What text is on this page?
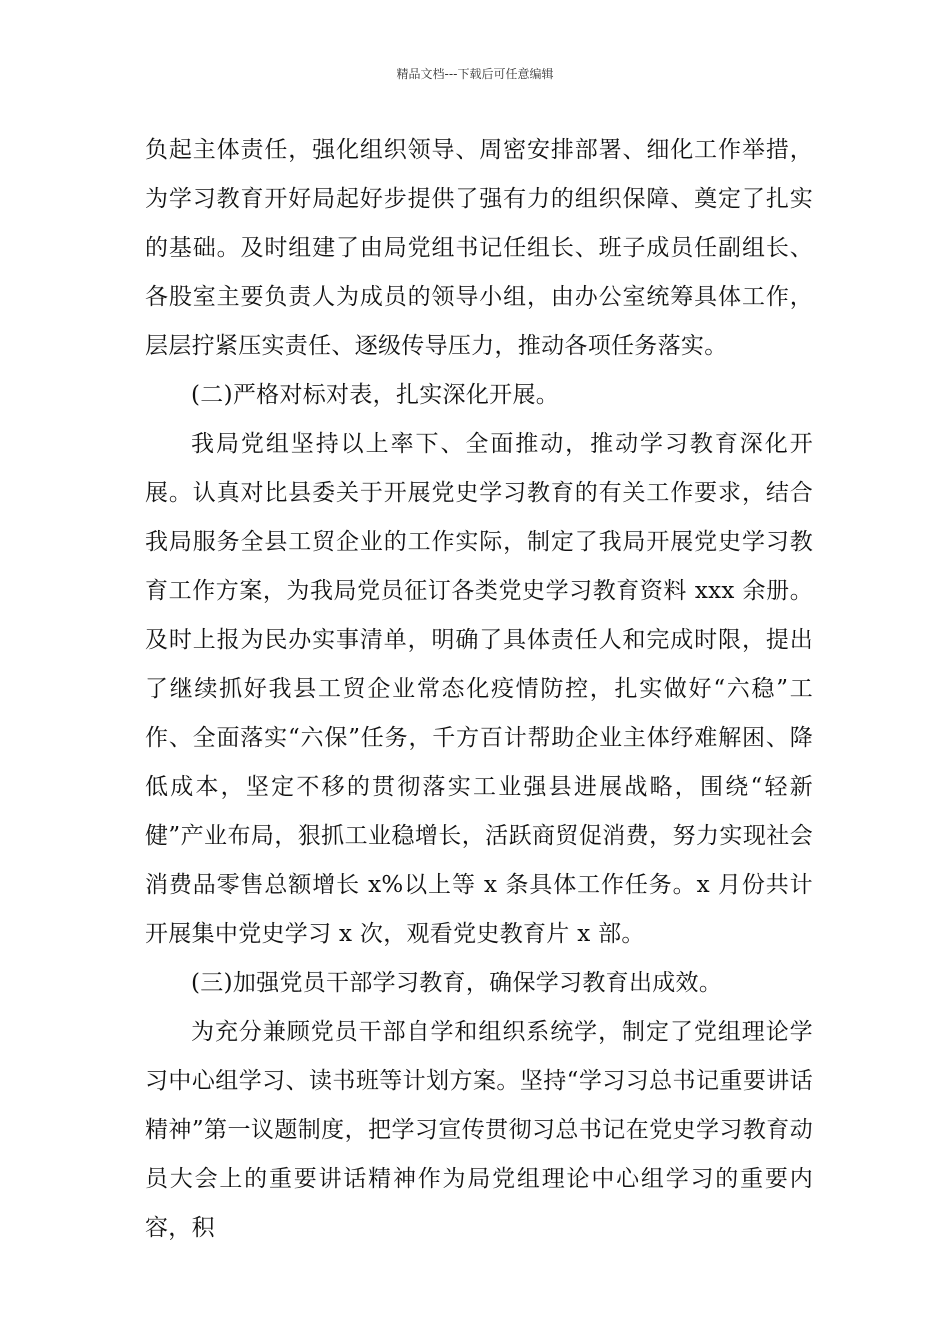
精品文档---下载后可任意编辑

负起主体责任，强化组织领导、周密安排部署、细化工作举措，为学习教育开好局起好步提供了强有力的组织保障、奠定了扎实的基础。及时组建了由局党组书记任组长、班子成员任副组长、各股室主要负责人为成员的领导小组，由办公室统筹具体工作，层层拧紧压实责任、逐级传导压力，推动各项任务落实。

(二)严格对标对表，扎实深化开展。

我局党组坚持以上率下、全面推动，推动学习教育深化开展。认真对比县委关于开展党史学习教育的有关工作要求，结合我局服务全县工贸企业的工作实际，制定了我局开展党史学习教育工作方案，为我局党员征订各类党史学习教育资料 xxx 余册。及时上报为民办实事清单，明确了具体责任人和完成时限，提出了继续抓好我县工贸企业常态化疫情防控，扎实做好“六稳”工作、全面落实“六保”任务，千方百计帮助企业主体纾难解困、降低成本，坚定不移的贯彻落实工业强县进展战略，围绕“轻新健”产业布局，狠抓工业稳增长，活跃商贸促消费，努力实现社会消费品零售总额增长 x%以上等 x 条具体工作任务。x 月份共计开展集中党史学习 x 次，观看党史教育片 x 部。

(三)加强党员干部学习教育，确保学习教育出成效。

为充分兼顾党员干部自学和组织系统学，制定了党组理论学习中心组学习、读书班等计划方案。坚持“学习习总书记重要讲话精神”第一议题制度，把学习宣传贯彻习总书记在党史学习教育动员大会上的重要讲话精神作为局党组理论中心组学习的重要内容，积
